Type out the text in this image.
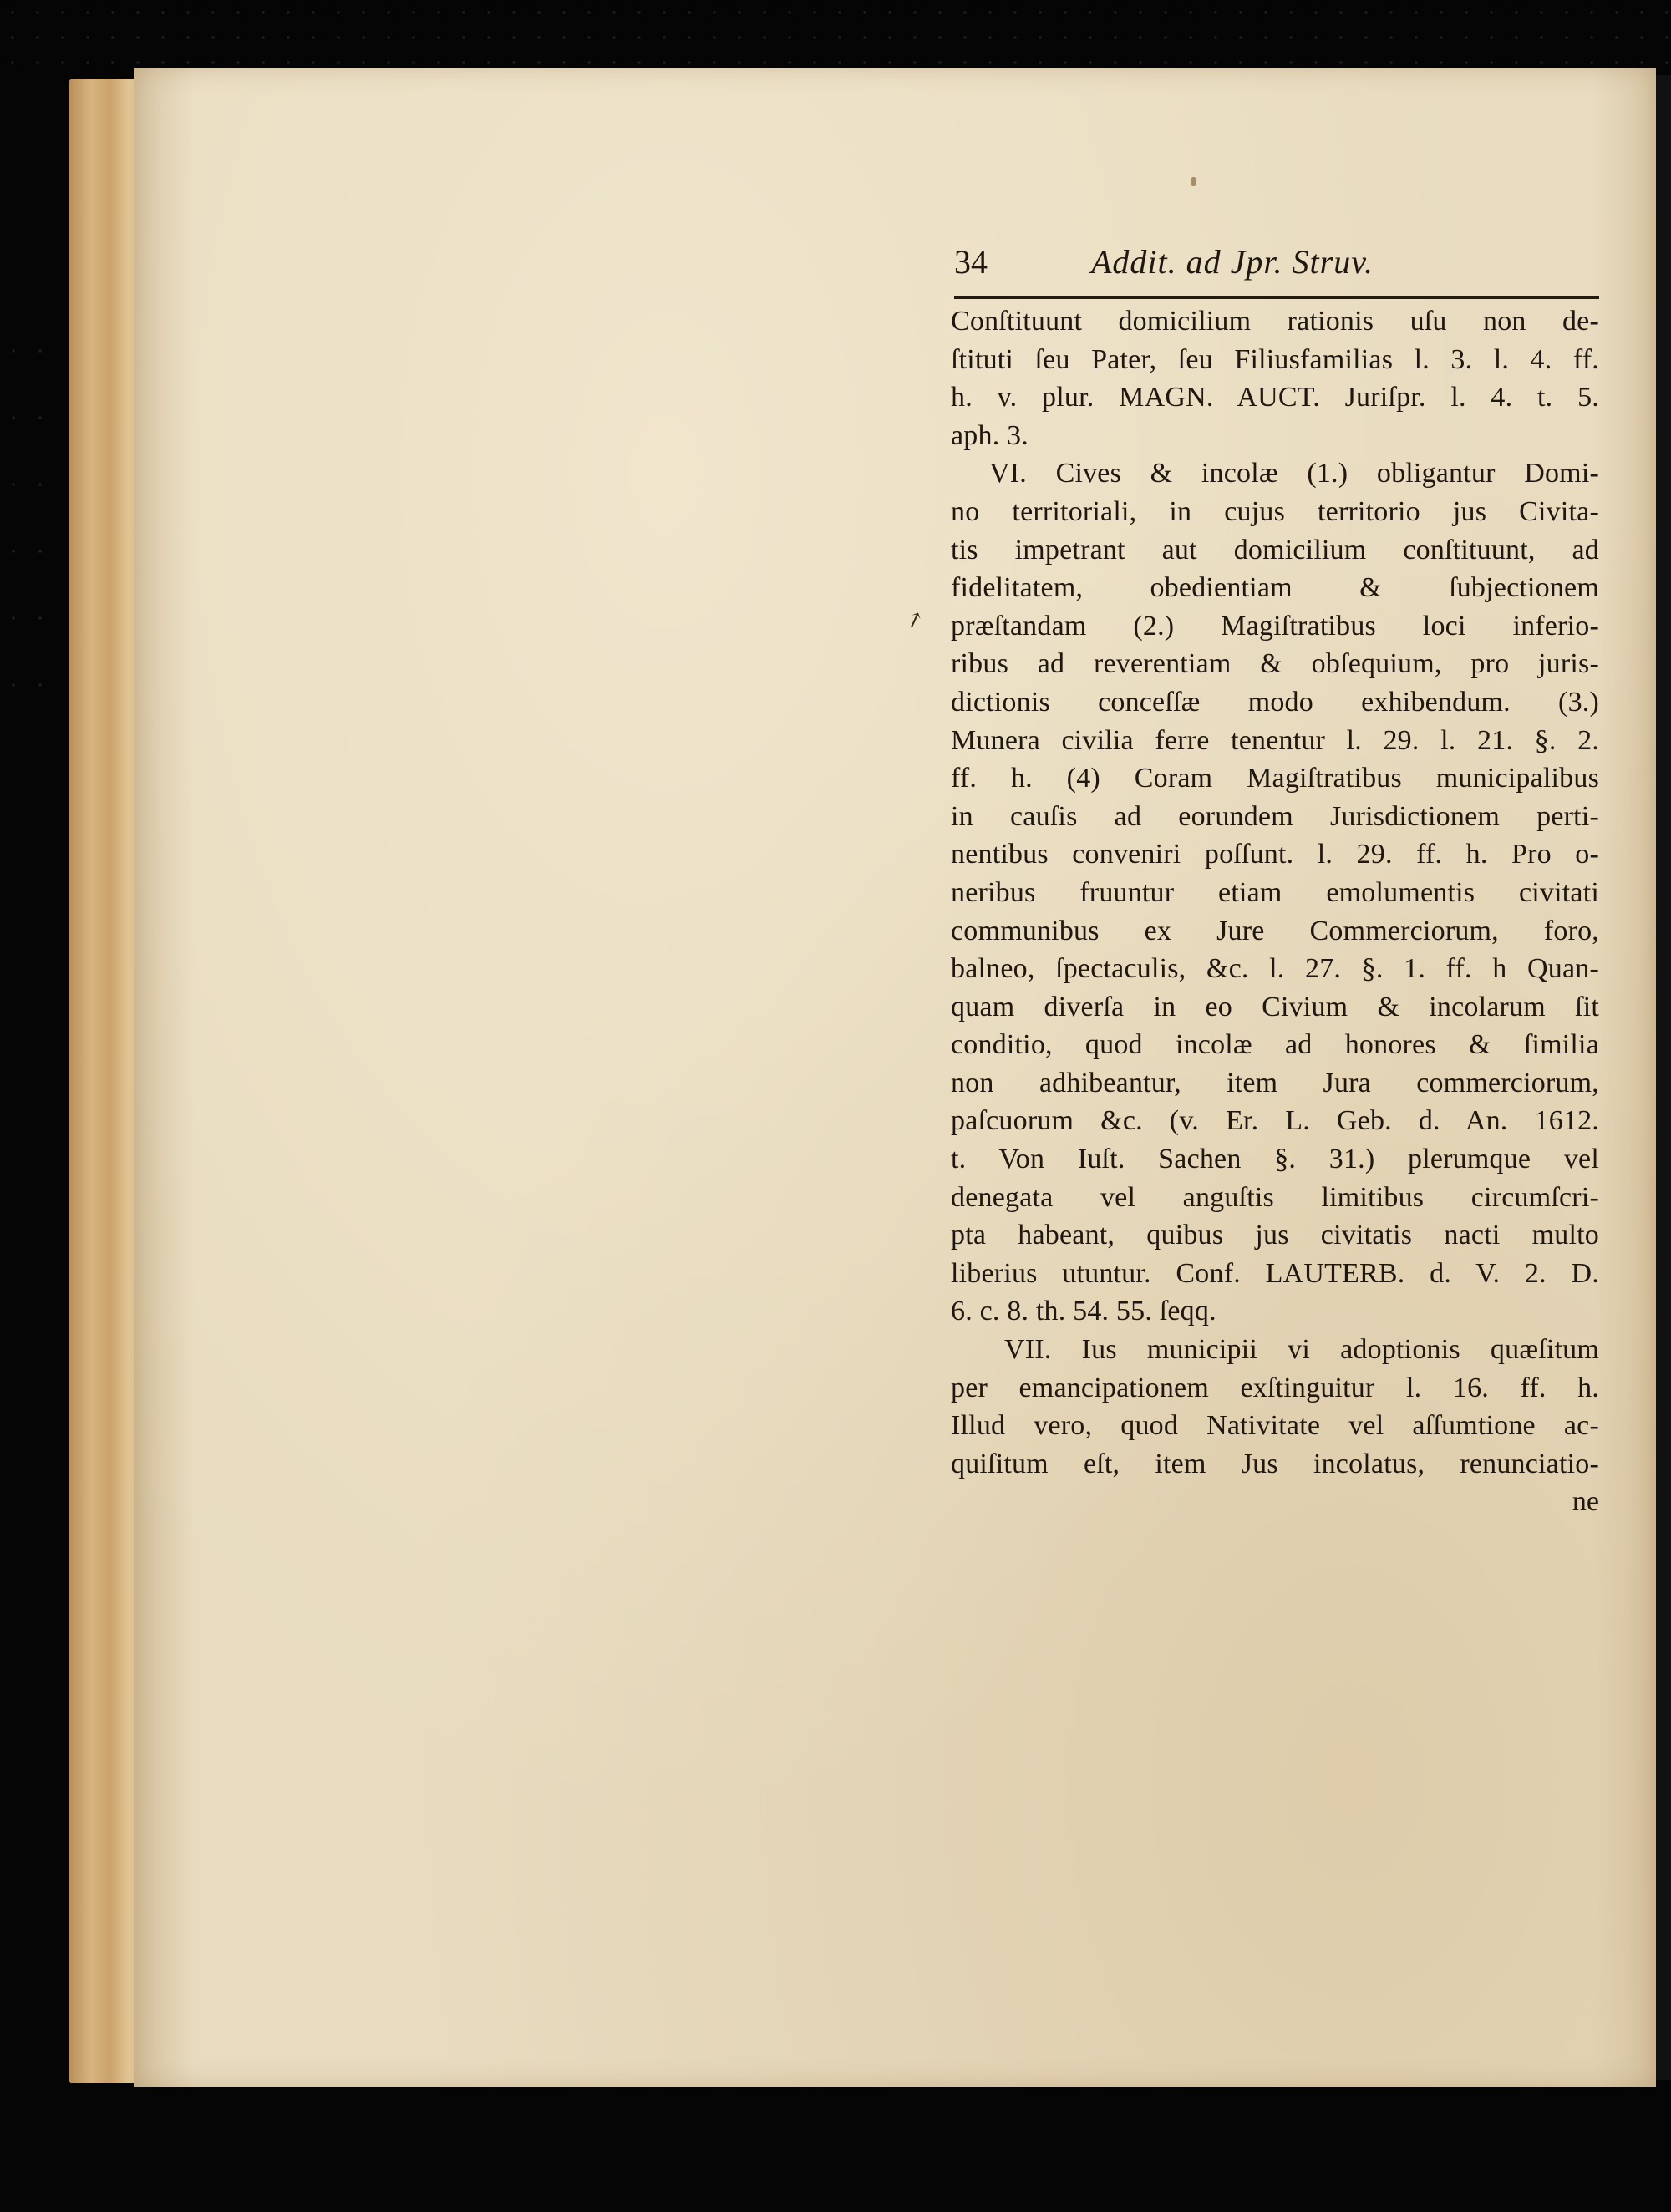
↗
34	Addit. ad Jpr. Struv.
Conſtituunt domicilium rationis uſu non de-
ſtituti ſeu Pater, ſeu Filiusfamilias l. 3. l. 4. ff.
h. v. plur. MAGN. AUCT. Juriſpr. l. 4. t. 5.
aph. 3.
VI. Cives & incolæ (1.) obligantur Domi-
no territoriali, in cujus territorio jus Civita-
tis impetrant aut domicilium conſtituunt, ad
fidelitatem, obedientiam & ſubjectionem
præſtandam (2.) Magiſtratibus loci inferio-
ribus ad reverentiam & obſequium, pro juris-
dictionis conceſſæ modo exhibendum. (3.)
Munera civilia ferre tenentur l. 29. l. 21. §. 2.
ff. h. (4) Coram Magiſtratibus municipalibus
in cauſis ad eorundem Jurisdictionem perti-
nentibus conveniri poſſunt. l. 29. ff. h. Pro o-
neribus fruuntur etiam emolumentis civitati
communibus ex Jure Commerciorum, foro,
balneo, ſpectaculis, &c. l. 27. §. 1. ff. h Quan-
quam diverſa in eo Civium & incolarum ſit
conditio, quod incolæ ad honores & ſimilia
non adhibeantur, item Jura commerciorum,
paſcuorum &c. (v. Er. L. Geb. d. An. 1612.
t. Von Iuſt. Sachen §. 31.) plerumque vel
denegata vel anguſtis limitibus circumſcri-
pta habeant, quibus jus civitatis nacti multo
liberius utuntur. Conf. LAUTERB. d. V. 2. D.
6. c. 8. th. 54. 55. ſeqq.
VII. Ius municipii vi adoptionis quæſitum
per emancipationem exſtinguitur l. 16. ff. h.
Illud vero, quod Nativitate vel aſſumtione ac-
quiſitum eſt, item Jus incolatus, renunciatio-
ne
